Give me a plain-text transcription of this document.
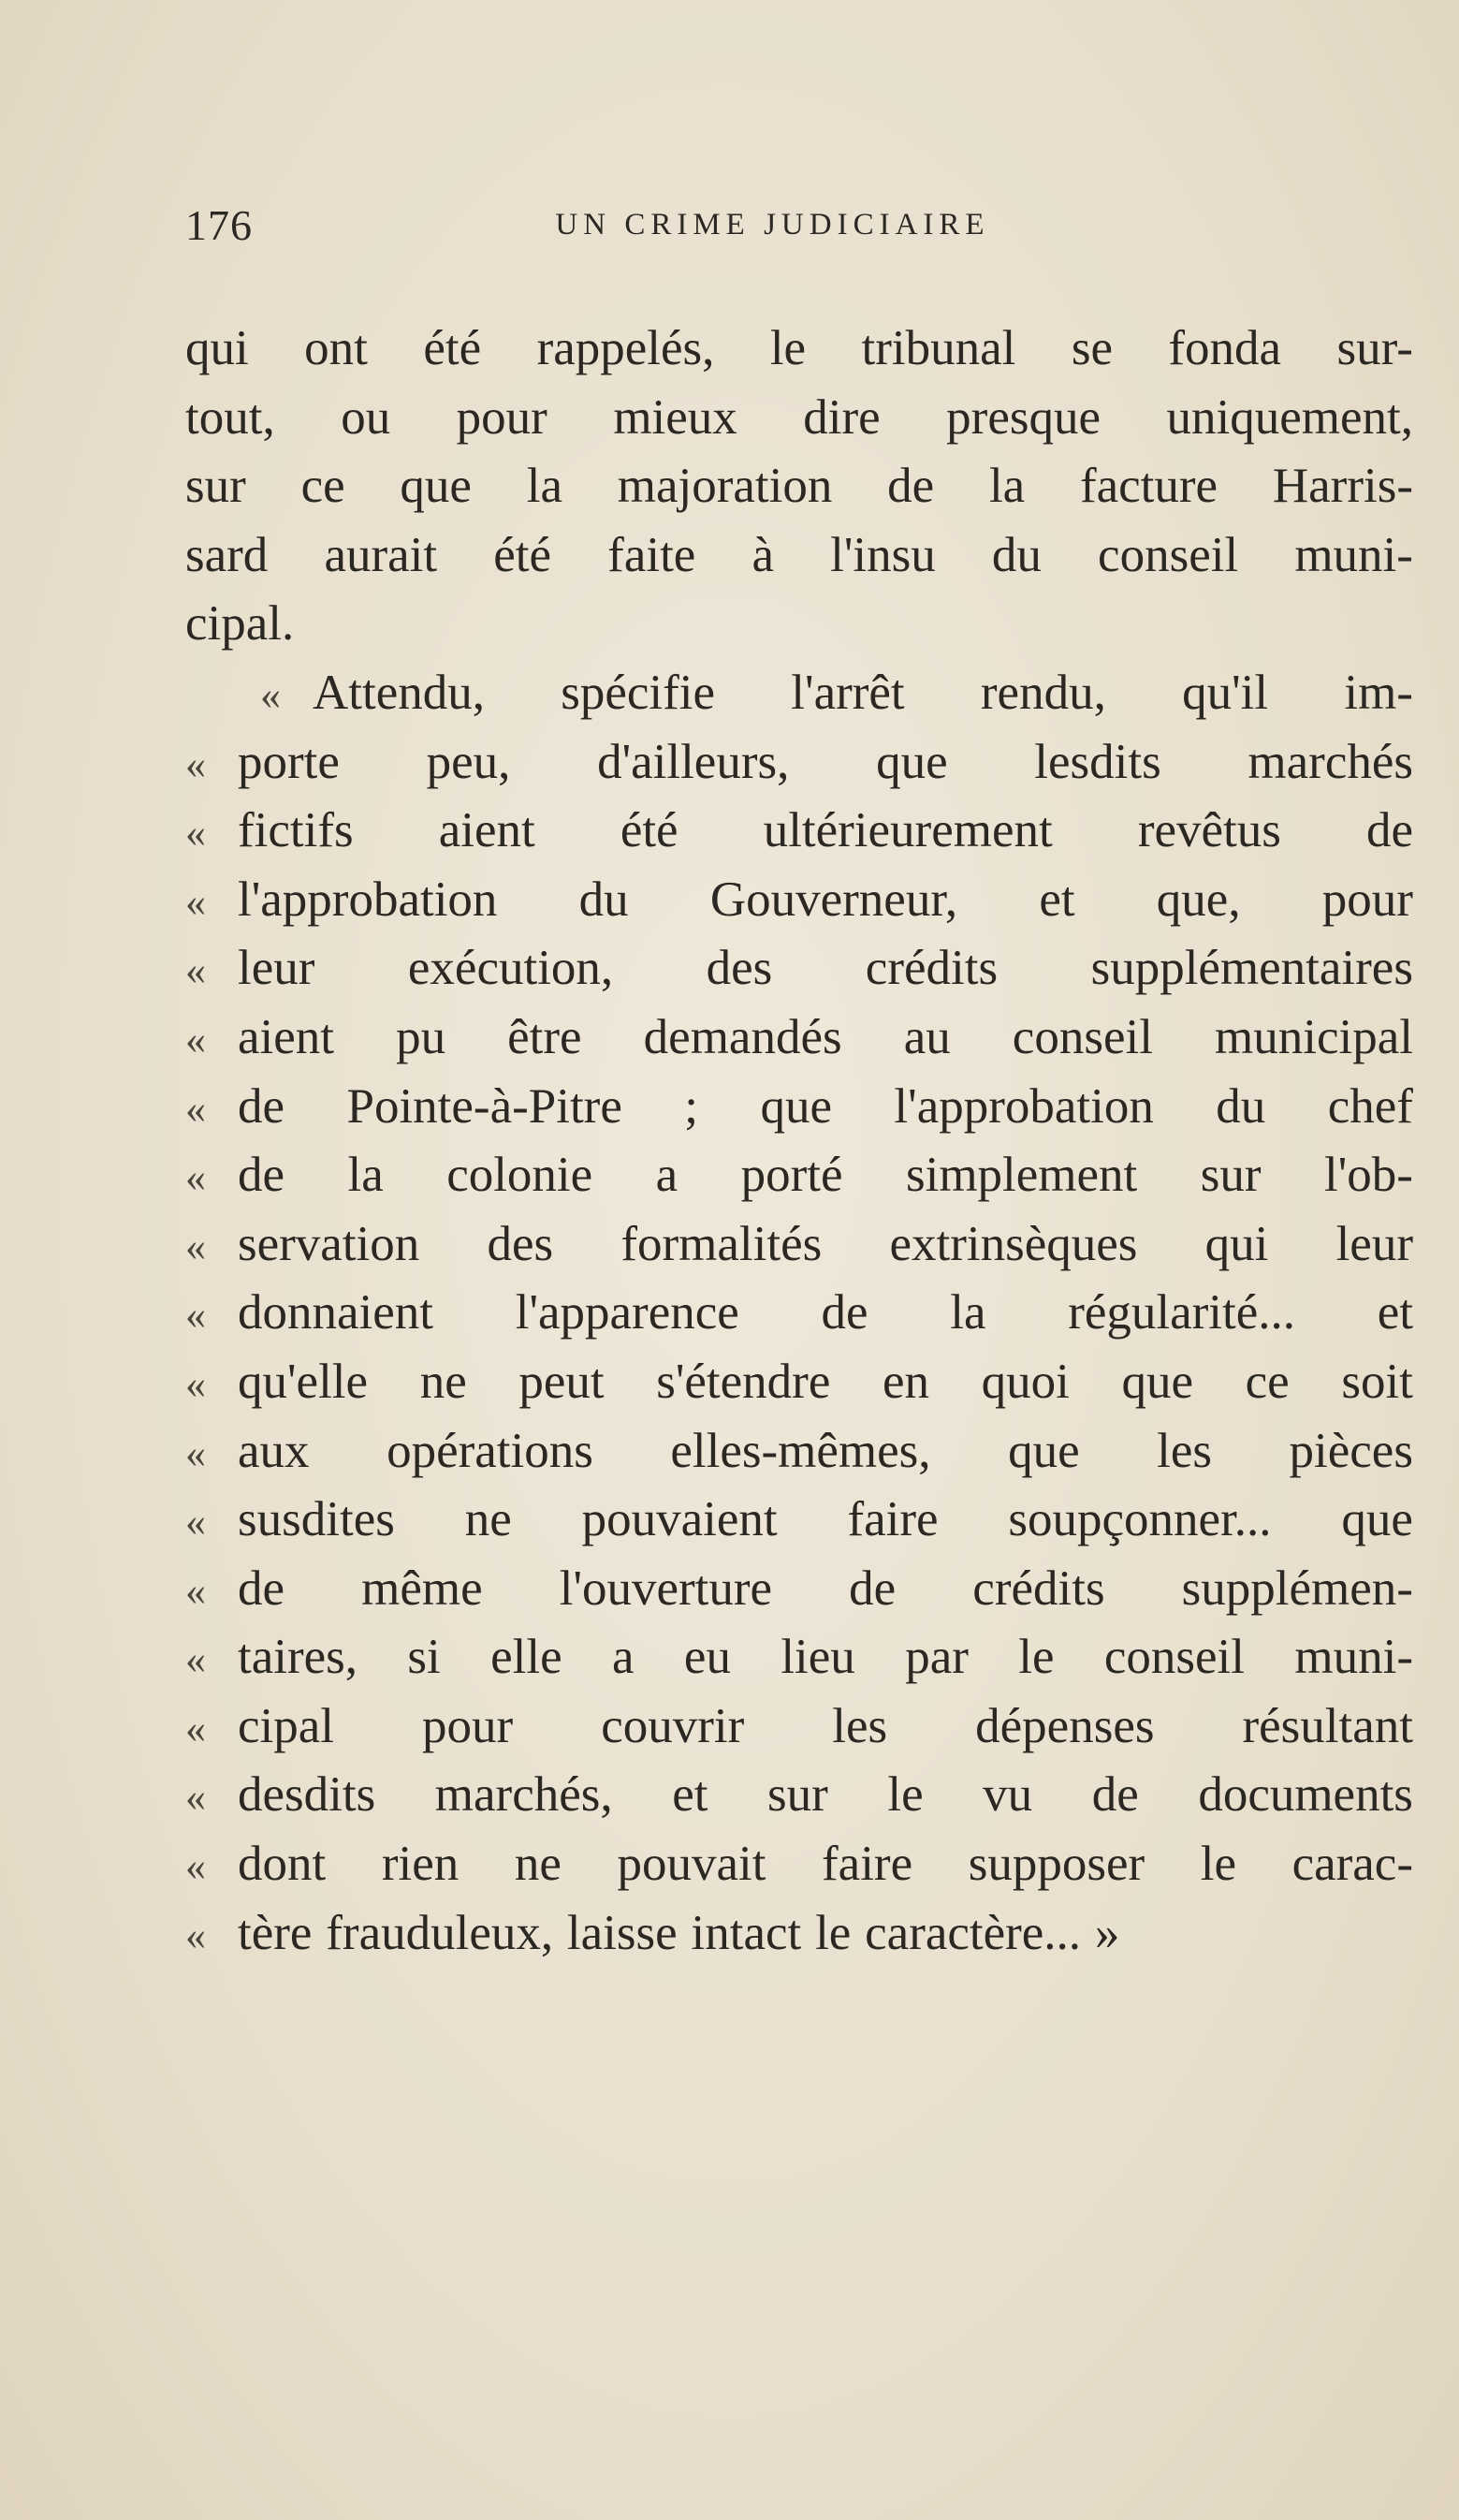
176	UN CRIME JUDICIAIRE
qui ont été rappelés, le tribunal se fonda sur-
tout, ou pour mieux dire presque uniquement,
sur ce que la majoration de la facture Harris-
sard aurait été faite à l'insu du conseil muni-
cipal.
« Attendu, spécifie l'arrêt rendu, qu'il im-
« porte peu, d'ailleurs, que lesdits marchés
« fictifs aient été ultérieurement revêtus de
« l'approbation du Gouverneur, et que, pour
« leur exécution, des crédits supplémentaires
« aient pu être demandés au conseil municipal
« de Pointe-à-Pitre ; que l'approbation du chef
« de la colonie a porté simplement sur l'ob-
« servation des formalités extrinsèques qui leur
« donnaient l'apparence de la régularité... et
« qu'elle ne peut s'étendre en quoi que ce soit
« aux opérations elles-mêmes, que les pièces
« susdites ne pouvaient faire soupçonner... que
« de même l'ouverture de crédits supplémen-
« taires, si elle a eu lieu par le conseil muni-
« cipal pour couvrir les dépenses résultant
« desdits marchés, et sur le vu de documents
« dont rien ne pouvait faire supposer le carac-
« tère frauduleux, laisse intact le caractère... »
